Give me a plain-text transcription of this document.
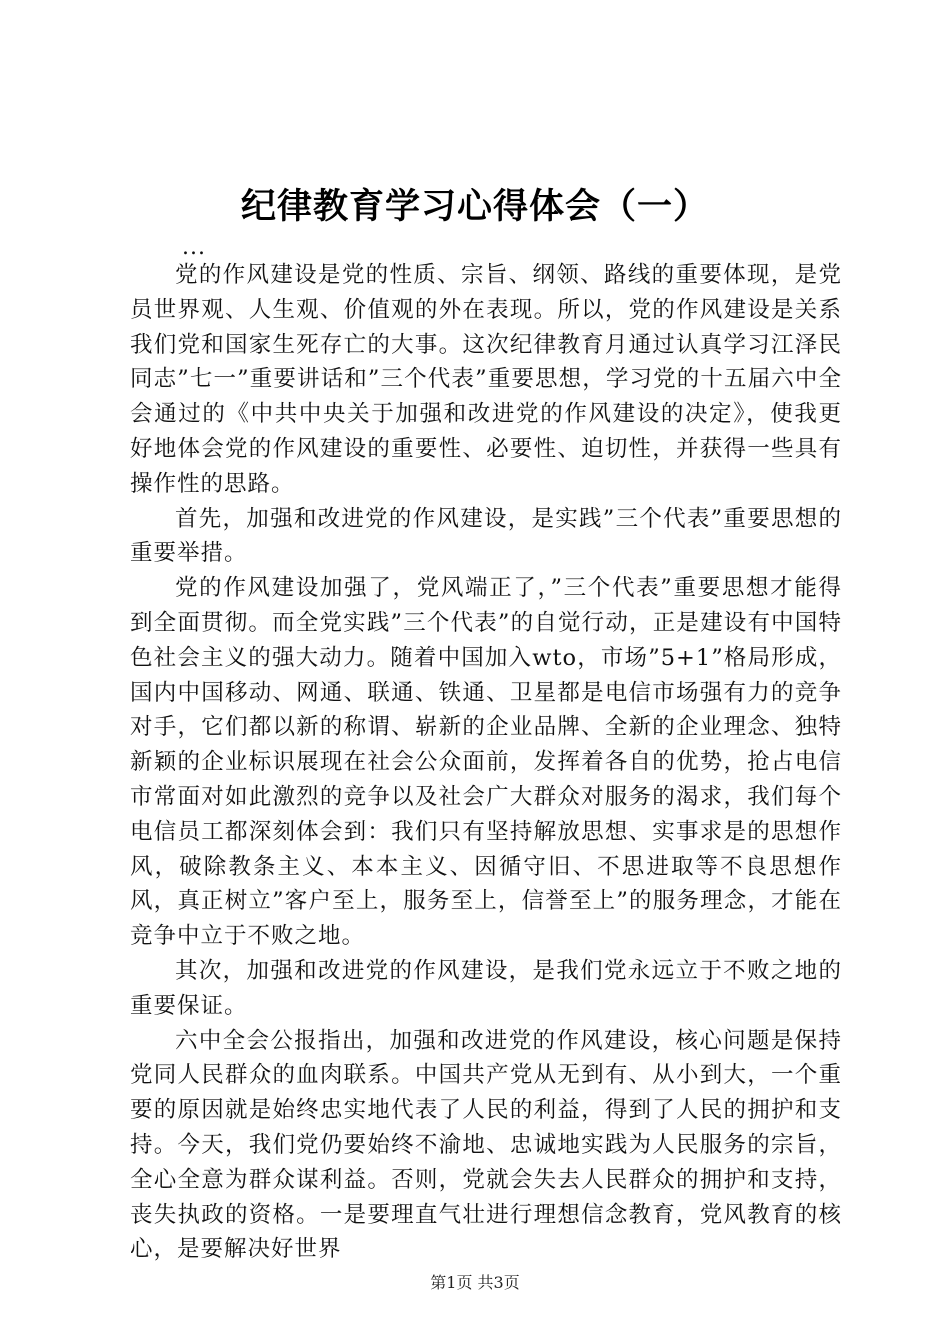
纪律教育学习心得体会（一）
...

党的作风建设是党的性质、宗旨、纲领、路线的重要体现，是党员世界观、人生观、价值观的外在表现。所以，党的作风建设是关系我们党和国家生死存亡的大事。这次纪律教育月通过认真学习江泽民同志”七一”重要讲话和”三个代表”重要思想，学习党的十五届六中全会通过的《中共中央关于加强和改进党的作风建设的决定》，使我更好地体会党的作风建设的重要性、必要性、迫切性，并获得一些具有操作性的思路。

首先，加强和改进党的作风建设，是实践”三个代表”重要思想的重要举措。

党的作风建设加强了，党风端正了，”三个代表”重要思想才能得到全面贯彻。而全党实践”三个代表”的自觉行动，正是建设有中国特色社会主义的强大动力。随着中国加入wto，市场”5+1”格局形成，国内中国移动、网通、联通、铁通、卫星都是电信市场强有力的竞争对手，它们都以新的称谓、崭新的企业品牌、全新的企业理念、独特新颖的企业标识展现在社会公众面前，发挥着各自的优势，抢占电信市常面对如此激烈的竞争以及社会广大群众对服务的渴求，我们每个电信员工都深刻体会到：我们只有坚持解放思想、实事求是的思想作风，破除教条主义、本本主义、因循守旧、不思进取等不良思想作风，真正树立”客户至上，服务至上，信誉至上”的服务理念，才能在竞争中立于不败之地。

其次，加强和改进党的作风建设，是我们党永远立于不败之地的重要保证。

六中全会公报指出，加强和改进党的作风建设，核心问题是保持党同人民群众的血肉联系。中国共产党从无到有、从小到大，一个重要的原因就是始终忠实地代表了人民的利益，得到了人民的拥护和支持。今天，我们党仍要始终不渝地、忠诚地实践为人民服务的宗旨，全心全意为群众谋利益。否则，党就会失去人民群众的拥护和支持，丧失执政的资格。一是要理直气壮进行理想信念教育，党风教育的核心，是要解决好世界

第1页 共3页
